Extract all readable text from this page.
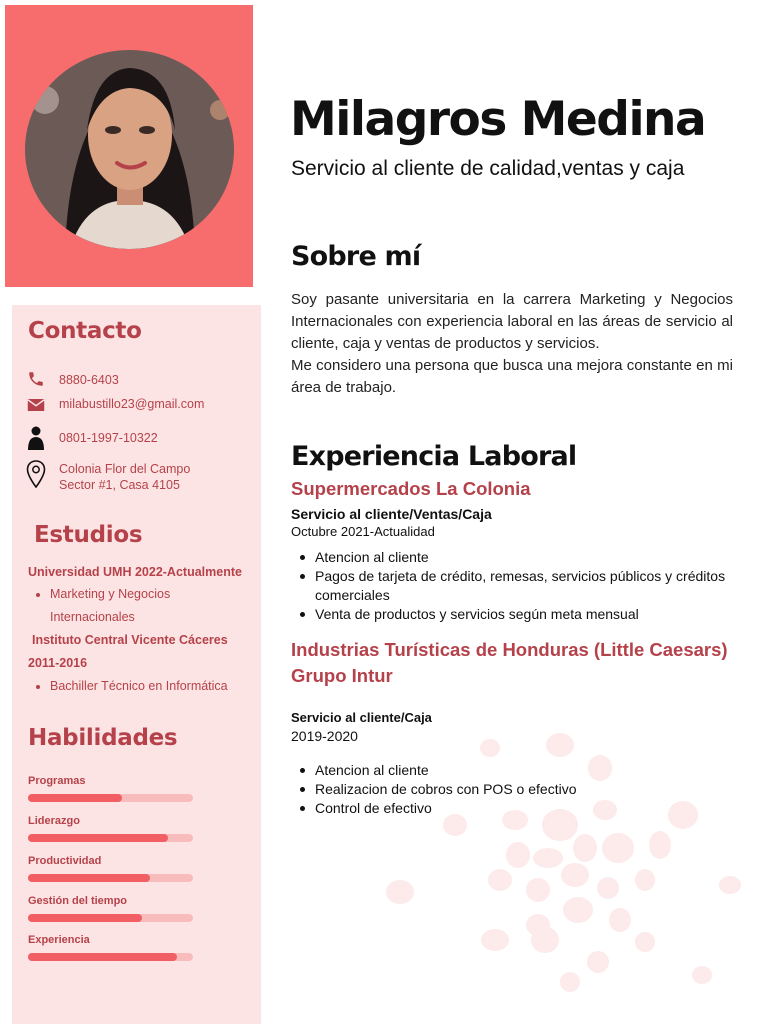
Contacto
8880-6403
milabustillo23@gmail.com
0801-1997-10322
Colonia Flor del Campo
Sector #1, Casa 4105
Estudios
Universidad UMH 2022-Actualmente
Marketing y Negocios
Internacionales
Instituto Central Vicente Cáceres
2011-2016
Bachiller Técnico en Informática
Habilidades
Programas
Liderazgo
Productividad
Gestión del tiempo
Experiencia
Milagros Medina
Servicio al cliente de calidad,ventas y caja
Sobre mí

Soy pasante universitaria en la carrera Marketing y Negocios Internacionales con experiencia laboral en las áreas de servicio al cliente, caja y ventas de productos y servicios.

Me considero una persona que busca una mejora constante en mi área de trabajo.

Experiencia Laboral
Supermercados La Colonia
Servicio al cliente/Ventas/Caja
Octubre 2021-Actualidad
Atencion al cliente
Pagos de tarjeta de crédito, remesas, servicios públicos y créditos comerciales
Venta de productos y servicios según meta mensual
Industrias Turísticas de Honduras (Little Caesars)
Grupo Intur
Servicio al cliente/Caja
2019-2020
Atencion al cliente
Realizacion de cobros con POS o efectivo
Control de efectivo
